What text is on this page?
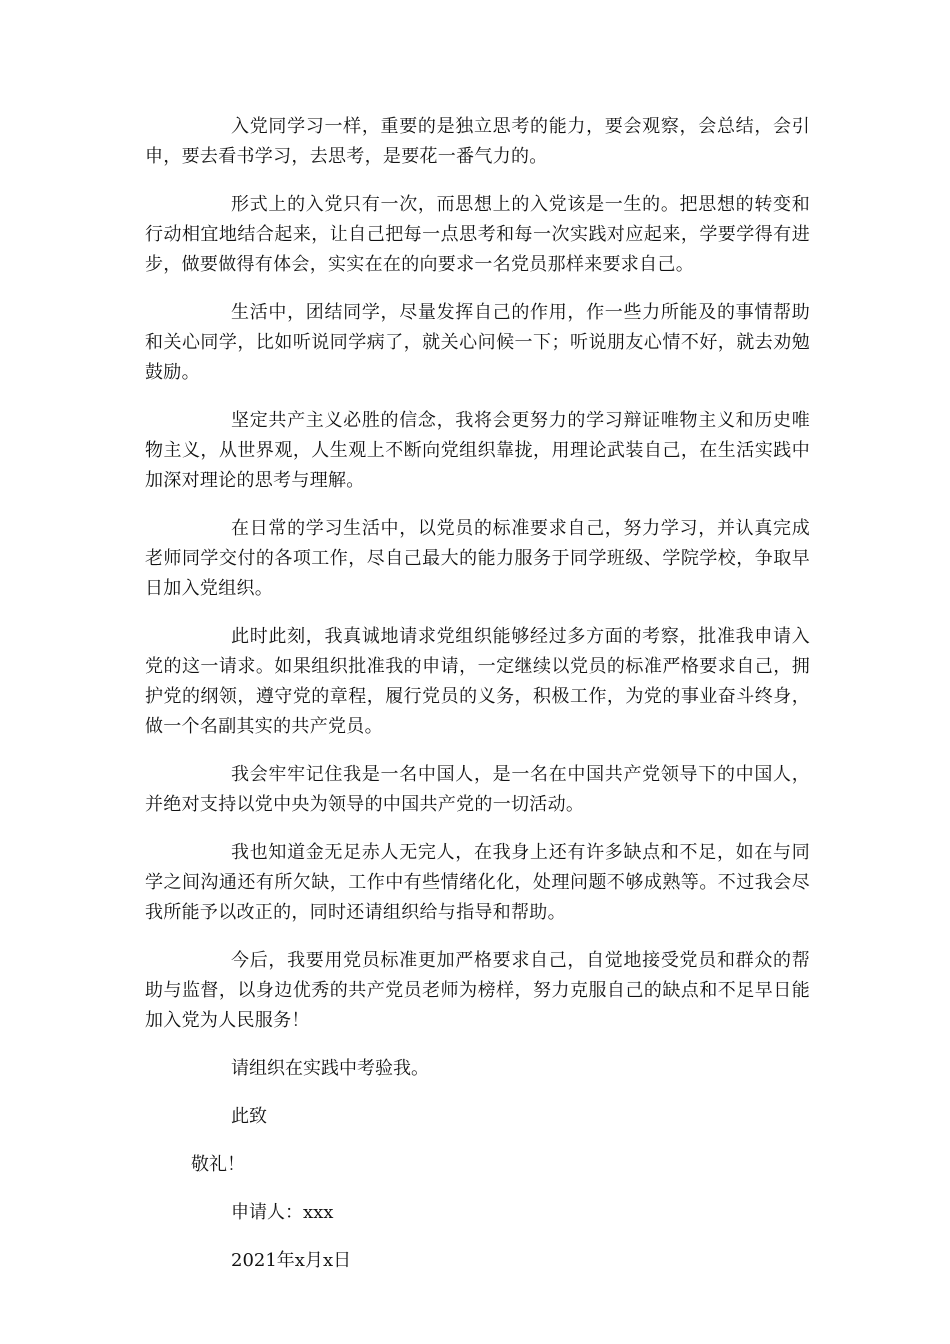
入党同学习一样，重要的是独立思考的能力，要会观察，会总结，会引申，要去看书学习，去思考，是要花一番气力的。

形式上的入党只有一次，而思想上的入党该是一生的。把思想的转变和行动相宜地结合起来，让自己把每一点思考和每一次实践对应起来，学要学得有进步，做要做得有体会，实实在在的向要求一名党员那样来要求自己。

生活中，团结同学，尽量发挥自己的作用，作一些力所能及的事情帮助和关心同学，比如听说同学病了，就关心问候一下；听说朋友心情不好，就去劝勉鼓励。

坚定共产主义必胜的信念，我将会更努力的学习辩证唯物主义和历史唯物主义，从世界观，人生观上不断向党组织靠拢，用理论武装自己，在生活实践中加深对理论的思考与理解。

在日常的学习生活中，以党员的标准要求自己，努力学习，并认真完成老师同学交付的各项工作，尽自己最大的能力服务于同学班级、学院学校，争取早日加入党组织。

此时此刻，我真诚地请求党组织能够经过多方面的考察，批准我申请入党的这一请求。如果组织批准我的申请，一定继续以党员的标准严格要求自己，拥护党的纲领，遵守党的章程，履行党员的义务，积极工作，为党的事业奋斗终身，做一个名副其实的共产党员。

我会牢牢记住我是一名中国人，是一名在中国共产党领导下的中国人，并绝对支持以党中央为领导的中国共产党的一切活动。

我也知道金无足赤人无完人，在我身上还有许多缺点和不足，如在与同学之间沟通还有所欠缺，工作中有些情绪化化，处理问题不够成熟等。不过我会尽我所能予以改正的，同时还请组织给与指导和帮助。

今后，我要用党员标准更加严格要求自己，自觉地接受党员和群众的帮助与监督，以身边优秀的共产党员老师为榜样，努力克服自己的缺点和不足早日能加入党为人民服务！

请组织在实践中考验我。

此致

敬礼！

申请人：xxx

2021年x月x日
